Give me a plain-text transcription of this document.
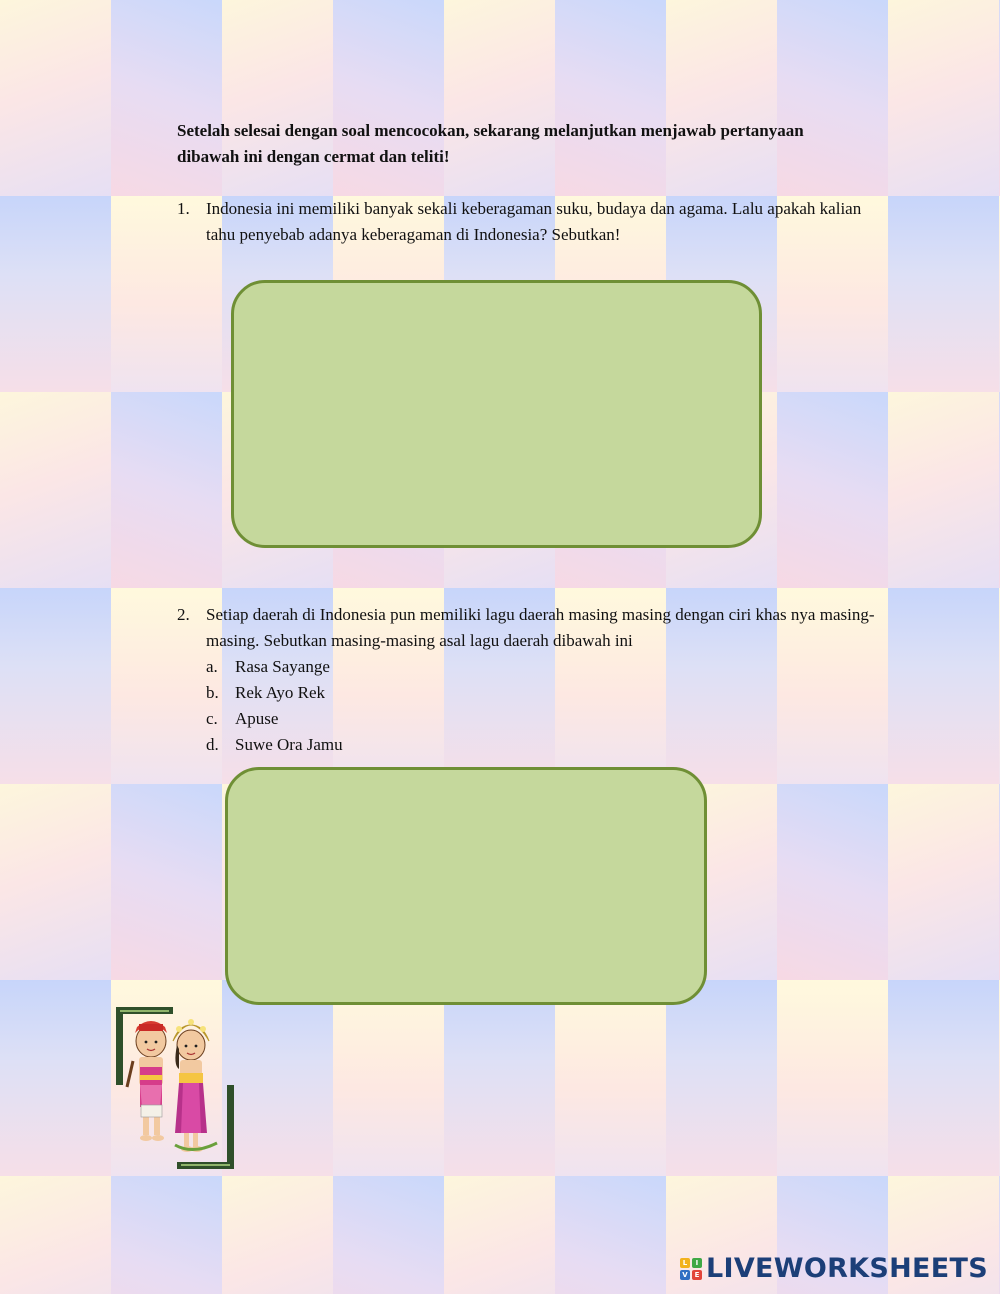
Setelah selesai dengan soal mencocokan, sekarang melanjutkan menjawab pertanyaan dibawah ini dengan cermat dan teliti!
1. Indonesia ini memiliki banyak sekali keberagaman suku, budaya dan agama. Lalu apakah kalian tahu penyebab adanya keberagaman di Indonesia? Sebutkan!
2. Setiap daerah di Indonesia pun memiliki lagu daerah masing masing dengan ciri khas nya masing-masing. Sebutkan masing-masing asal lagu daerah dibawah ini
a. Rasa Sayange
b. Rek Ayo Rek
c. Apuse
d. Suwe Ora Jamu
L	I
V E LIVEWORKSHEETS
